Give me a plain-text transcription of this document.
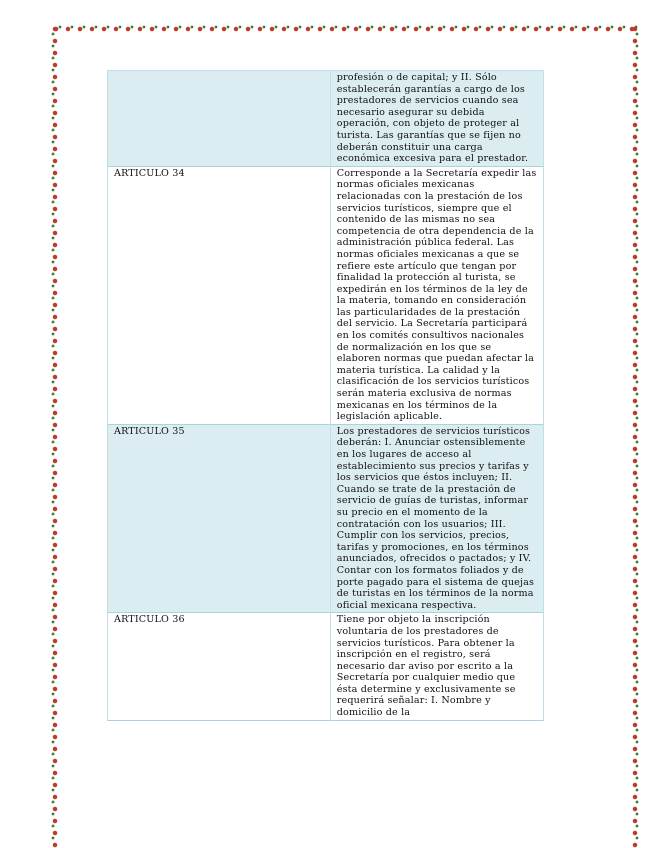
	profesión o de capital; y II. Sólo establecerán garantías a cargo de los prestadores de servicios cuando sea necesario asegurar su debida operación, con objeto de proteger al turista. Las garantías que se fijen no deberán constituir una carga económica excesiva para el prestador.
ARTICULO 34	Corresponde a la Secretaría expedir las normas oficiales mexicanas relacionadas con la prestación de los servicios turísticos, siempre que el contenido de las mismas no sea competencia de otra dependencia de la administración pública federal. Las normas oficiales mexicanas a que se refiere este artículo que tengan por finalidad la protección al turista, se expedirán en los términos de la ley de la materia, tomando en consideración las particularidades de la prestación del servicio. La Secretaría participará en los comités consultivos nacionales de normalización en los que se elaboren normas que puedan afectar la materia turística. La calidad y la clasificación de los servicios turísticos serán materia exclusiva de normas mexicanas en los términos de la legislación aplicable.
ARTICULO 35	Los prestadores de servicios turísticos deberán: I. Anunciar ostensiblemente en los lugares de acceso al establecimiento sus precios y tarifas y los servicios que éstos incluyen; II. Cuando se trate de la prestación de servicio de guías de turistas, informar su precio en el momento de la contratación con los usuarios; III. Cumplir con los servicios, precios, tarifas y promociones, en los términos anunciados, ofrecidos o pactados; y IV. Contar con los formatos foliados y de porte pagado para el sistema de quejas de turistas en los términos de la norma oficial mexicana respectiva.
ARTICULO 36	Tiene por objeto la inscripción voluntaria de los prestadores de servicios turísticos. Para obtener la inscripción en el registro, será necesario dar aviso por escrito a la Secretaría por cualquier medio que ésta determine y exclusivamente se requerirá señalar: I. Nombre y domicilio de la
